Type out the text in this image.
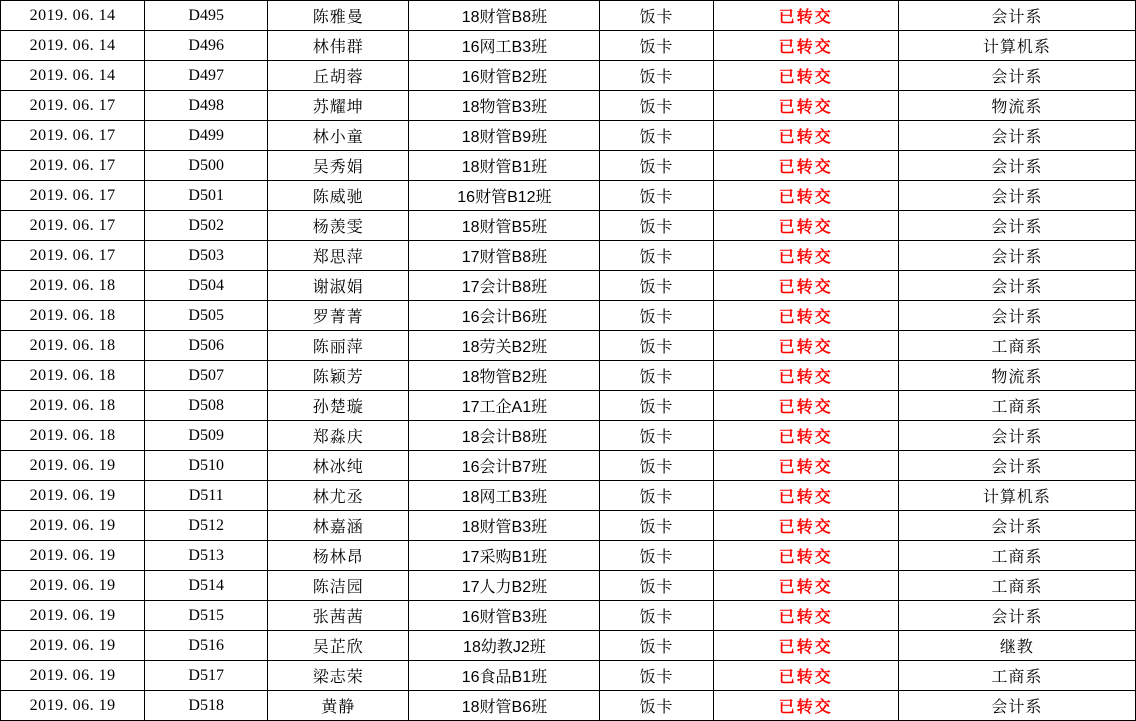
2019. 06. 14	D495	陈雅曼	18财管B8班	饭卡	已转交	会计系
2019. 06. 14	D496	林伟群	16网工B3班	饭卡	已转交	计算机系
2019. 06. 14	D497	丘胡蓉	16财管B2班	饭卡	已转交	会计系
2019. 06. 17	D498	苏耀坤	18物管B3班	饭卡	已转交	物流系
2019. 06. 17	D499	林小童	18财管B9班	饭卡	已转交	会计系
2019. 06. 17	D500	吴秀娟	18财管B1班	饭卡	已转交	会计系
2019. 06. 17	D501	陈威驰	16财管B12班	饭卡	已转交	会计系
2019. 06. 17	D502	杨羡雯	18财管B5班	饭卡	已转交	会计系
2019. 06. 17	D503	郑思萍	17财管B8班	饭卡	已转交	会计系
2019. 06. 18	D504	谢淑娟	17会计B8班	饭卡	已转交	会计系
2019. 06. 18	D505	罗菁菁	16会计B6班	饭卡	已转交	会计系
2019. 06. 18	D506	陈丽萍	18劳关B2班	饭卡	已转交	工商系
2019. 06. 18	D507	陈颖芳	18物管B2班	饭卡	已转交	物流系
2019. 06. 18	D508	孙楚璇	17工企A1班	饭卡	已转交	工商系
2019. 06. 18	D509	郑淼庆	18会计B8班	饭卡	已转交	会计系
2019. 06. 19	D510	林冰纯	16会计B7班	饭卡	已转交	会计系
2019. 06. 19	D511	林尤丞	18网工B3班	饭卡	已转交	计算机系
2019. 06. 19	D512	林嘉涵	18财管B3班	饭卡	已转交	会计系
2019. 06. 19	D513	杨林昂	17采购B1班	饭卡	已转交	工商系
2019. 06. 19	D514	陈洁园	17人力B2班	饭卡	已转交	工商系
2019. 06. 19	D515	张茜茜	16财管B3班	饭卡	已转交	会计系
2019. 06. 19	D516	吴芷欣	18幼教J2班	饭卡	已转交	继教
2019. 06. 19	D517	梁志荣	16食品B1班	饭卡	已转交	工商系
2019. 06. 19	D518	黄静	18财管B6班	饭卡	已转交	会计系
